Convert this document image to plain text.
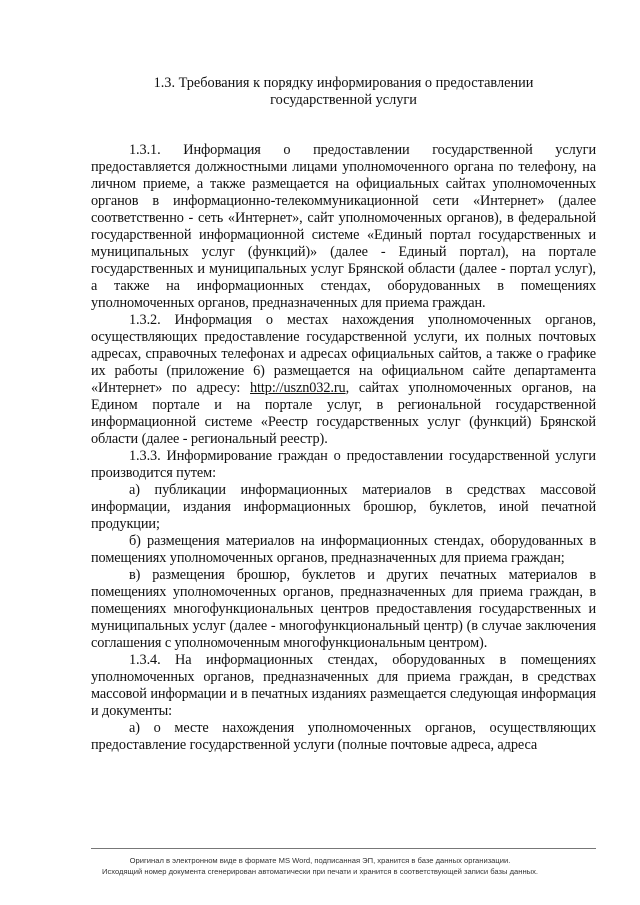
1.3. Требования к порядку информирования о предоставлении
государственной услуги

1.3.1. Информация о предоставлении государственной услуги предоставляется должностными лицами уполномоченного органа по телефону, на личном приеме, а также размещается на официальных сайтах уполномоченных органов в информационно-телекоммуникационной сети «Интернет» (далее соответственно - сеть «Интернет», сайт уполномоченных органов), в федеральной государственной информационной системе «Единый портал государственных и муниципальных услуг (функций)» (далее - Единый портал), на портале государственных и муниципальных услуг Брянской области (далее - портал услуг), а также на информационных стендах, оборудованных в помещениях уполномоченных органов, предназначенных для приема граждан.

1.3.2. Информация о местах нахождения уполномоченных органов, осуществляющих предоставление государственной услуги, их полных почтовых адресах, справочных телефонах и адресах официальных сайтов, а также о графике их работы (приложение 6) размещается на официальном сайте департамента «Интернет» по адресу: http://uszn032.ru, сайтах уполномоченных органов, на Едином портале и на портале услуг, в региональной государственной информационной системе «Реестр государственных услуг (функций) Брянской области (далее - региональный реестр).

1.3.3. Информирование граждан о предоставлении государственной услуги производится путем:

а) публикации информационных материалов в средствах массовой информации, издания информационных брошюр, буклетов, иной печатной продукции;

б) размещения материалов на информационных стендах, оборудованных в помещениях уполномоченных органов, предназначенных для приема граждан;

в) размещения брошюр, буклетов и других печатных материалов в помещениях уполномоченных органов, предназначенных для приема граждан, в помещениях многофункциональных центров предоставления государственных и муниципальных услуг (далее - многофункциональный центр) (в случае заключения соглашения с уполномоченным многофункциональным центром).

1.3.4. На информационных стендах, оборудованных в помещениях уполномоченных органов, предназначенных для приема граждан, в средствах массовой информации и в печатных изданиях размещается следующая информация и документы:

а) о месте нахождения уполномоченных органов, осуществляющих предоставление государственной услуги (полные почтовые адреса, адреса

Оригинал в электронном виде в формате MS Word, подписанная ЭП, хранится в базе данных организации.
Исходящий номер документа сгенерирован автоматически при печати и хранится в соответствующей записи базы данных.
